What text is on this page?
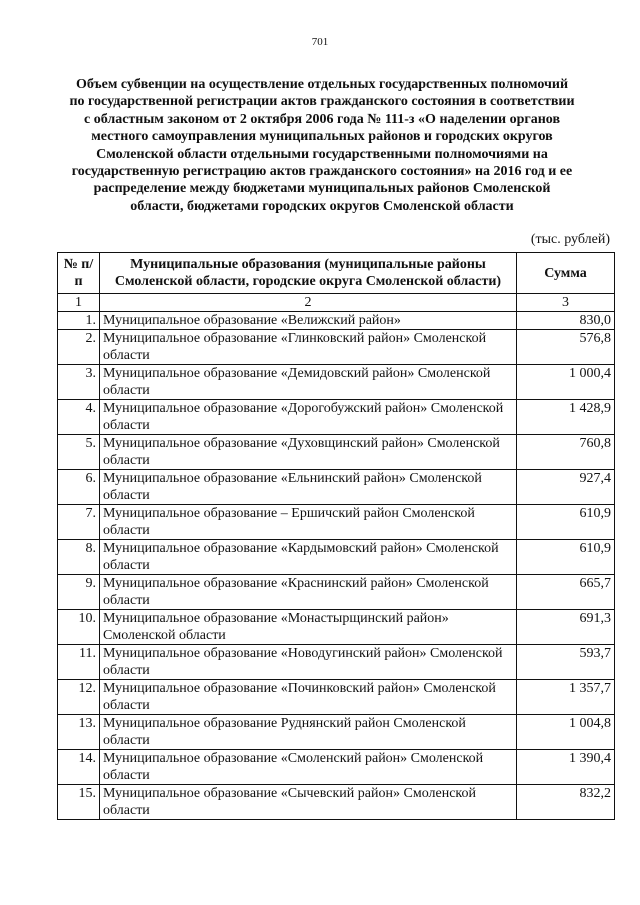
701
Объем субвенции на осуществление отдельных государственных полномочий
по государственной регистрации актов гражданского состояния в соответствии
с областным законом от 2 октября 2006 года № 111-з «О наделении органов
местного самоуправления муниципальных районов и городских округов
Смоленской области отдельными государственными полномочиями на
государственную регистрацию актов гражданского состояния» на 2016 год и ее
распределение между бюджетами муниципальных районов Смоленской
области, бюджетами городских округов Смоленской области
(тыс. рублей)
№ п/п	Муниципальные образования (муниципальные районы Смоленской области, городские округа Смоленской области)	Сумма
1	2	3
1.	Муниципальное образование «Велижский район»	830,0
2.	Муниципальное образование «Глинковский район» Смоленской области	576,8
3.	Муниципальное образование «Демидовский район» Смоленской области	1 000,4
4.	Муниципальное образование «Дорогобужский район» Смоленской области	1 428,9
5.	Муниципальное образование «Духовщинский район» Смоленской области	760,8
6.	Муниципальное образование «Ельнинский район» Смоленской области	927,4
7.	Муниципальное образование – Ершичский район Смоленской области	610,9
8.	Муниципальное образование «Кардымовский район» Смоленской области	610,9
9.	Муниципальное образование «Краснинский район» Смоленской области	665,7
10.	Муниципальное образование «Монастырщинский район» Смоленской области	691,3
11.	Муниципальное образование «Новодугинский район» Смоленской области	593,7
12.	Муниципальное образование «Починковский район» Смоленской области	1 357,7
13.	Муниципальное образование Руднянский район Смоленской области	1 004,8
14.	Муниципальное образование «Смоленский район» Смоленской области	1 390,4
15.	Муниципальное образование «Сычевский район» Смоленской области	832,2
